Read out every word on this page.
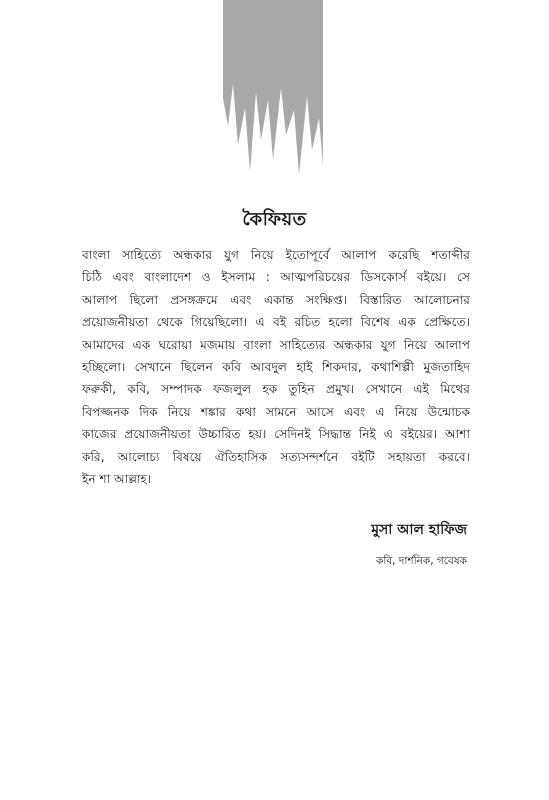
কৈফিয়ত
বাংলা সাহিত্যে অন্ধকার যুগ নিয়ে ইতোপূর্বে আলাপ করেছি শতাব্দীর
চিঠি এবং বাংলাদেশ ও ইসলাম : আত্মপরিচয়ের ডিসকোর্স বইয়ে। সে
আলাপ ছিলো প্রসঙ্গক্রমে এবং একান্ত সংক্ষিপ্ত। বিস্তারিত আলোচনার
প্রয়োজনীয়তা থেকে গিয়েছিলো। এ বই রচিত হলো বিশেষ এক প্রেক্ষিতে।
আমাদের এক ঘরোয়া মজমায় বাংলা সাহিত্যের অন্ধকার যুগ নিয়ে আলাপ
হচ্ছিলো। সেখানে ছিলেন কবি আবদুল হাই শিকদার, কথাশিল্পী মুজতাহিদ
ফরুকী, কবি, সম্পাদক ফজলুল হক তুহিন প্রমুখ। সেখানে এই মিথের
বিপজ্জনক দিক নিয়ে শঙ্কার কথা সামনে আসে এবং এ নিয়ে উন্মোচক
কাজের প্রয়োজনীয়তা উচ্চারিত হয়। সেদিনই সিদ্ধান্ত নিই এ বইয়ের। আশা
করি, আলোচ্য বিষয়ে ঐতিহাসিক সত্যসন্দর্শনে বইটি সহায়তা করবে।
ইন শা আল্লাহ।
মুসা আল হাফিজ
কবি, দার্শনিক, গবেষক
